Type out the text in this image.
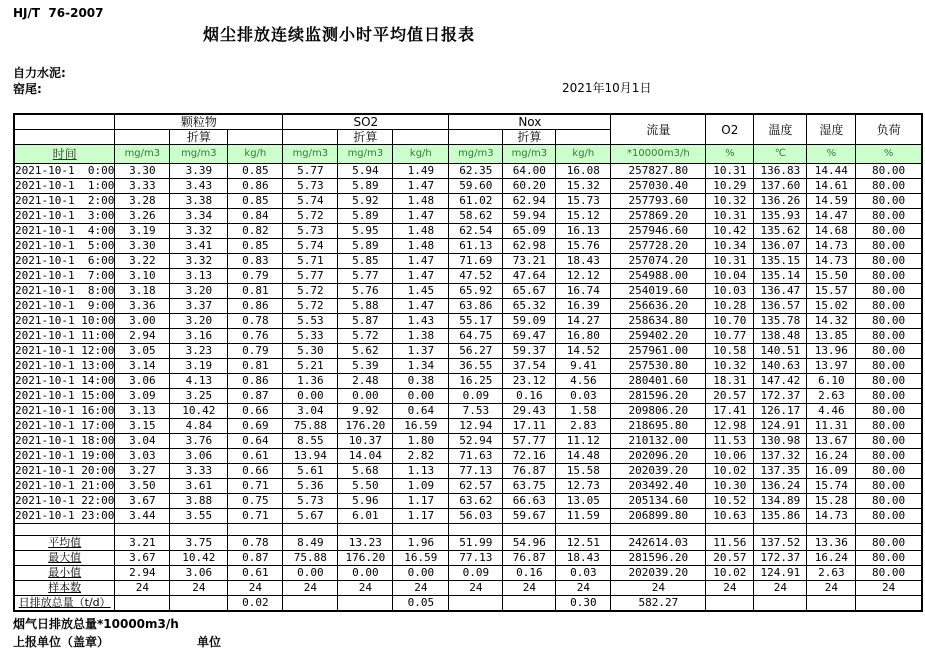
HJ/T  76-2007
烟尘排放连续监测小时平均值日报表
自力水泥:
窑尾:	2021年10月1日
	颗粒物			SO2			Nox			流量	O2	温度	湿度	负荷
		折算			折算			折算						
时间	mg/m3	mg/m3	kg/h	mg/m3	mg/m3	kg/h	mg/m3	mg/m3	kg/h	*10000m3/h	%	℃	%	%
2021-10-1  0:00	3.30	3.39	0.85	5.77	5.94	1.49	62.35	64.00	16.08	257827.80	10.31	136.83	14.44	80.00
2021-10-1  1:00	3.33	3.43	0.86	5.73	5.89	1.47	59.60	60.20	15.32	257030.40	10.29	137.60	14.61	80.00
2021-10-1  2:00	3.28	3.38	0.85	5.74	5.92	1.48	61.02	62.94	15.73	257793.60	10.32	136.26	14.59	80.00
2021-10-1  3:00	3.26	3.34	0.84	5.72	5.89	1.47	58.62	59.94	15.12	257869.20	10.31	135.93	14.47	80.00
2021-10-1  4:00	3.19	3.32	0.82	5.73	5.95	1.48	62.54	65.09	16.13	257946.60	10.42	135.62	14.68	80.00
2021-10-1  5:00	3.30	3.41	0.85	5.74	5.89	1.48	61.13	62.98	15.76	257728.20	10.34	136.07	14.73	80.00
2021-10-1  6:00	3.22	3.32	0.83	5.71	5.85	1.47	71.69	73.21	18.43	257074.20	10.31	135.15	14.73	80.00
2021-10-1  7:00	3.10	3.13	0.79	5.77	5.77	1.47	47.52	47.64	12.12	254988.00	10.04	135.14	15.50	80.00
2021-10-1  8:00	3.18	3.20	0.81	5.72	5.76	1.45	65.92	65.67	16.74	254019.60	10.03	136.47	15.57	80.00
2021-10-1  9:00	3.36	3.37	0.86	5.72	5.88	1.47	63.86	65.32	16.39	256636.20	10.28	136.57	15.02	80.00
2021-10-1 10:00	3.00	3.20	0.78	5.53	5.87	1.43	55.17	59.09	14.27	258634.80	10.70	135.78	14.32	80.00
2021-10-1 11:00	2.94	3.16	0.76	5.33	5.72	1.38	64.75	69.47	16.80	259402.20	10.77	138.48	13.85	80.00
2021-10-1 12:00	3.05	3.23	0.79	5.30	5.62	1.37	56.27	59.37	14.52	257961.00	10.58	140.51	13.96	80.00
2021-10-1 13:00	3.14	3.19	0.81	5.21	5.39	1.34	36.55	37.54	9.41	257530.80	10.32	140.63	13.97	80.00
2021-10-1 14:00	3.06	4.13	0.86	1.36	2.48	0.38	16.25	23.12	4.56	280401.60	18.31	147.42	6.10	80.00
2021-10-1 15:00	3.09	3.25	0.87	0.00	0.00	0.00	0.09	0.16	0.03	281596.20	20.57	172.37	2.63	80.00
2021-10-1 16:00	3.13	10.42	0.66	3.04	9.92	0.64	7.53	29.43	1.58	209806.20	17.41	126.17	4.46	80.00
2021-10-1 17:00	3.15	4.84	0.69	75.88	176.20	16.59	12.94	17.11	2.83	218695.80	12.98	124.91	11.31	80.00
2021-10-1 18:00	3.04	3.76	0.64	8.55	10.37	1.80	52.94	57.77	11.12	210132.00	11.53	130.98	13.67	80.00
2021-10-1 19:00	3.03	3.06	0.61	13.94	14.04	2.82	71.63	72.16	14.48	202096.20	10.06	137.32	16.24	80.00
2021-10-1 20:00	3.27	3.33	0.66	5.61	5.68	1.13	77.13	76.87	15.58	202039.20	10.02	137.35	16.09	80.00
2021-10-1 21:00	3.50	3.61	0.71	5.36	5.50	1.09	62.57	63.75	12.73	203492.40	10.30	136.24	15.74	80.00
2021-10-1 22:00	3.67	3.88	0.75	5.73	5.96	1.17	63.62	66.63	13.05	205134.60	10.52	134.89	15.28	80.00
2021-10-1 23:00	3.44	3.55	0.71	5.67	6.01	1.17	56.03	59.67	11.59	206899.80	10.63	135.86	14.73	80.00

平均值	3.21	3.75	0.78	8.49	13.23	1.96	51.99	54.96	12.51	242614.03	11.56	137.52	13.36	80.00
最大值	3.67	10.42	0.87	75.88	176.20	16.59	77.13	76.87	18.43	281596.20	20.57	172.37	16.24	80.00
最小值	2.94	3.06	0.61	0.00	0.00	0.00	0.09	0.16	0.03	202039.20	10.02	124.91	2.63	80.00
样本数	24	24	24	24	24	24	24	24	24	24	24	24	24	24
日排放总量（t/d）			0.02			0.05			0.30	582.27				
烟气日排放总量*10000m3/h
上报单位（盖章）	单位
